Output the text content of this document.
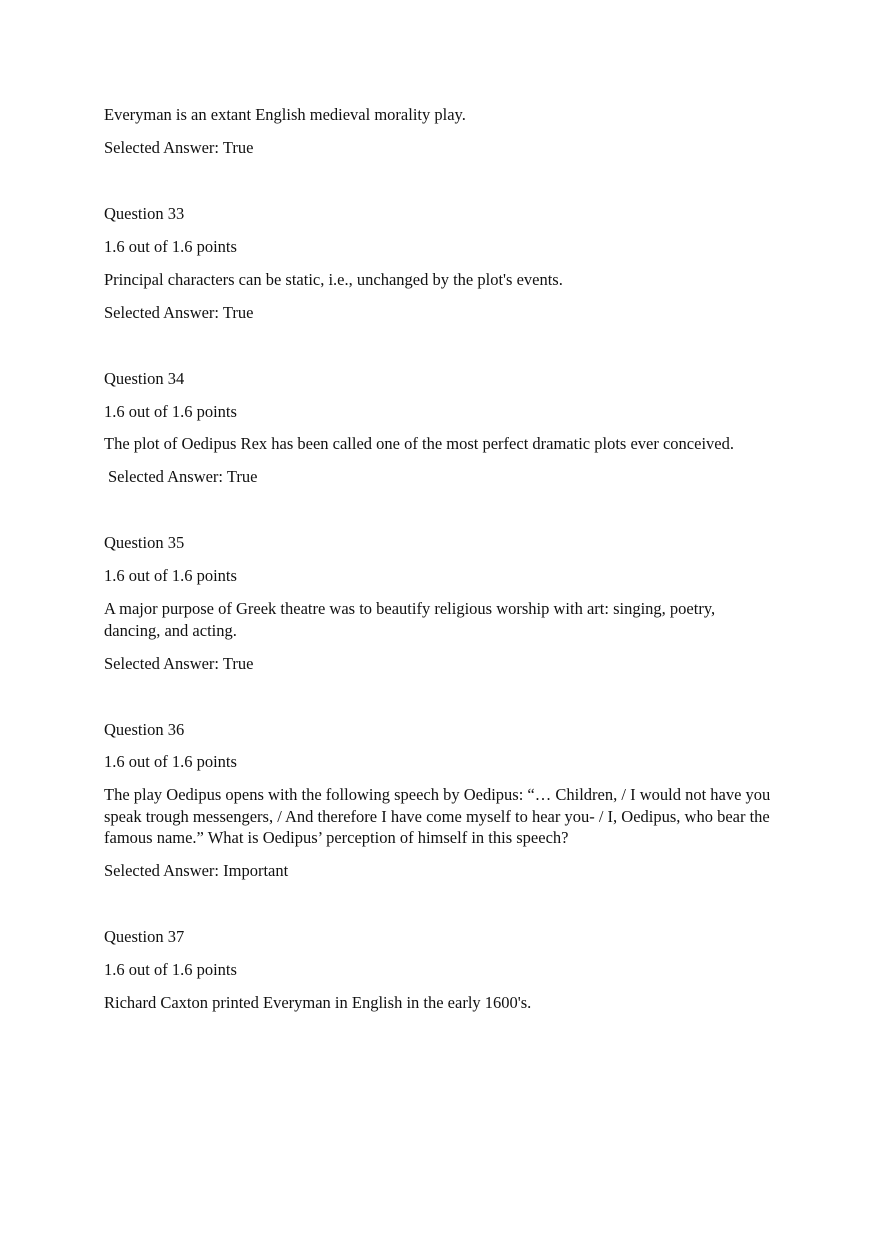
Everyman is an extant English medieval morality play.
Selected Answer: True
Question 33
1.6 out of 1.6 points
Principal characters can be static, i.e., unchanged by the plot's events.
Selected Answer: True
Question 34
1.6 out of 1.6 points
The plot of Oedipus Rex has been called one of the most perfect dramatic plots ever conceived.
Selected Answer: True
Question 35
1.6 out of 1.6 points
A major purpose of Greek theatre was to beautify religious worship with art: singing, poetry, dancing, and acting.
Selected Answer: True
Question 36
1.6 out of 1.6 points
The play Oedipus opens with the following speech by Oedipus: “… Children, / I would not have you speak trough messengers, / And therefore I have come myself to hear you- / I, Oedipus, who bear the famous name.” What is Oedipus’ perception of himself in this speech?
Selected Answer: Important
Question 37
1.6 out of 1.6 points
Richard Caxton printed Everyman in English in the early 1600's.
